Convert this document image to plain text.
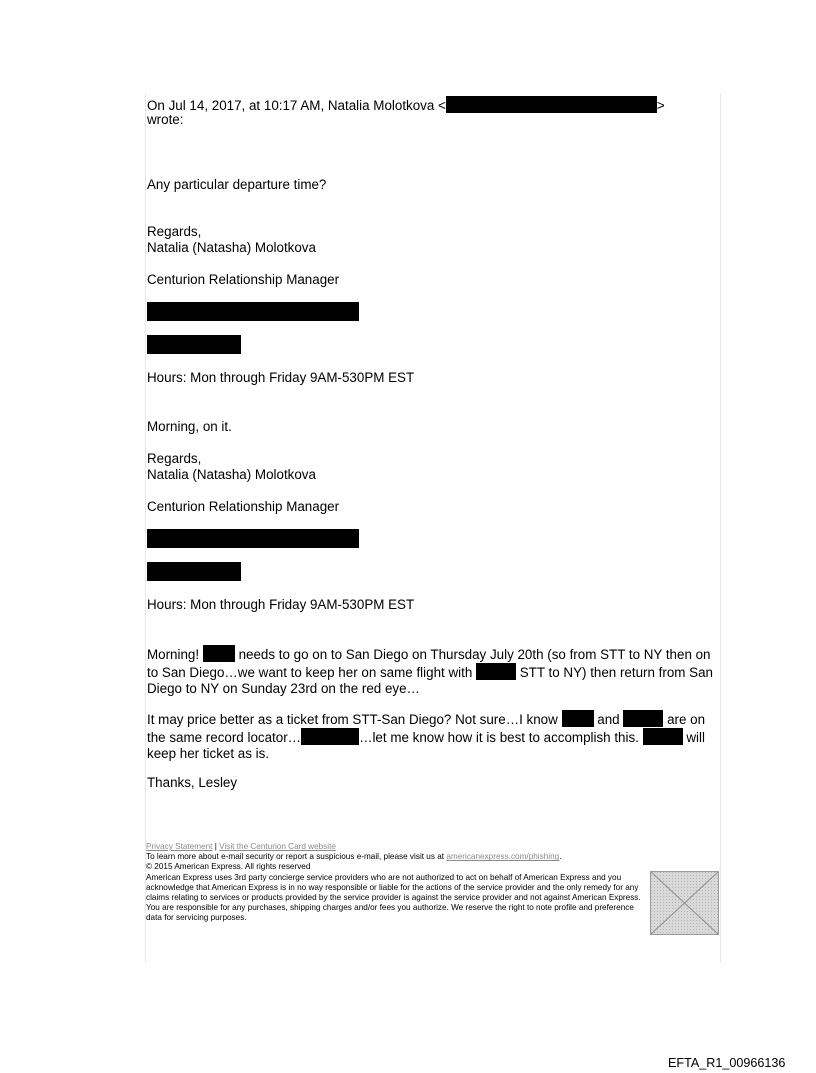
On Jul 14, 2017, at 10:17 AM, Natalia Molotkova <	>
wrote:
Any particular departure time?
Regards,
Natalia (Natasha) Molotkova
Centurion Relationship Manager
Hours: Mon through Friday 9AM-530PM EST
Morning, on it.
Regards,
Natalia (Natasha) Molotkova
Centurion Relationship Manager
Hours: Mon through Friday 9AM-530PM EST
Morning!	needs to go on to San Diego on Thursday July 20th (so from STT to NY then on to San Diego…we want to keep her on same flight with	STT to NY) then return from San Diego to NY on Sunday 23rd on the red eye…
It may price better as a ticket from STT-San Diego? Not sure…I know	and	are on the same record locator…	…let me know how it is best to accomplish this.	will keep her ticket as is.
Thanks, Lesley
Privacy Statement | Visit the Centurion Card website
To learn more about e-mail security or report a suspicious e-mail, please visit us at americanexpress.com/phishing.
© 2015 American Express. All rights reserved
American Express uses 3rd party concierge service providers who are not authorized to act on behalf of American Express and you acknowledge that American Express is in no way responsible or liable for the actions of the service provider and the only remedy for any claims relating to services or products provided by the service provider is against the service provider and not against American Express. You are responsible for any purchases, shipping charges and/or fees you authorize. We reserve the right to note profile and preference data for servicing purposes.
EFTA_R1_00966136
